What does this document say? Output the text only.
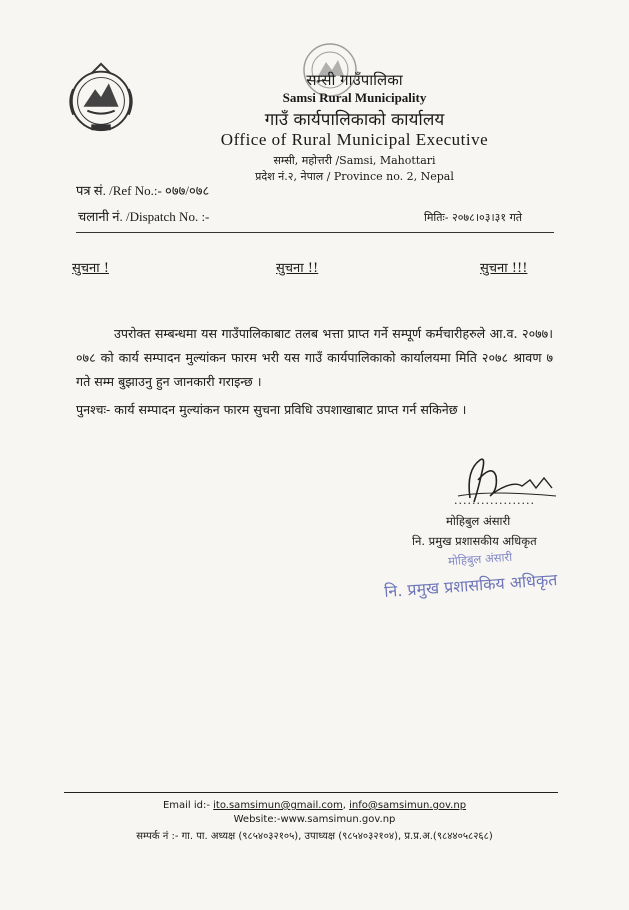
सम्सी गाउँपालिका
Samsi Rural Municipality
गाउँ कार्यपालिकाको कार्यालय
Office of Rural Municipal Executive
सम्सी, महोत्तरी /Samsi, Mahottari
प्रदेश नं.२, नेपाल / Province no. 2, Nepal
पत्र सं. /Ref No.:- ०७७/०७८
चलानी नं. /Dispatch No. :-	मितिः- २०७८।०३।३१ गते
सुचना !	सुचना !!	सुचना !!!
उपरोक्त सम्बन्धमा यस गाउँपालिकाबाट तलब भत्ता प्राप्त गर्ने सम्पूर्ण कर्मचारीहरुले आ.व. २०७७।०७८ को कार्य सम्पादन मुल्यांकन फारम भरी यस गाउँ कार्यपालिकाको कार्यालयमा मिति २०७८ श्रावण ७ गते सम्म बुझाउनु हुन जानकारी गराइन्छ ।
पुनश्चः- कार्य सम्पादन मुल्यांकन फारम सुचना प्रविधि उपशाखाबाट प्राप्त गर्न सकिनेछ ।
..................
मोहिबुल अंसारी
नि. प्रमुख प्रशासकीय अधिकृत
मोहिबुल अंसारी
नि. प्रमुख प्रशासकिय अधिकृत
Email id:- ito.samsimun@gmail.com, info@samsimun.gov.np
Website:-www.samsimun.gov.np
सम्पर्क नं :- गा. पा. अध्यक्ष (९८५४०३२१०५), उपाध्यक्ष (९८५४०३२१०४), प्र.प्र.अ.(९८४४०५८२६८)
